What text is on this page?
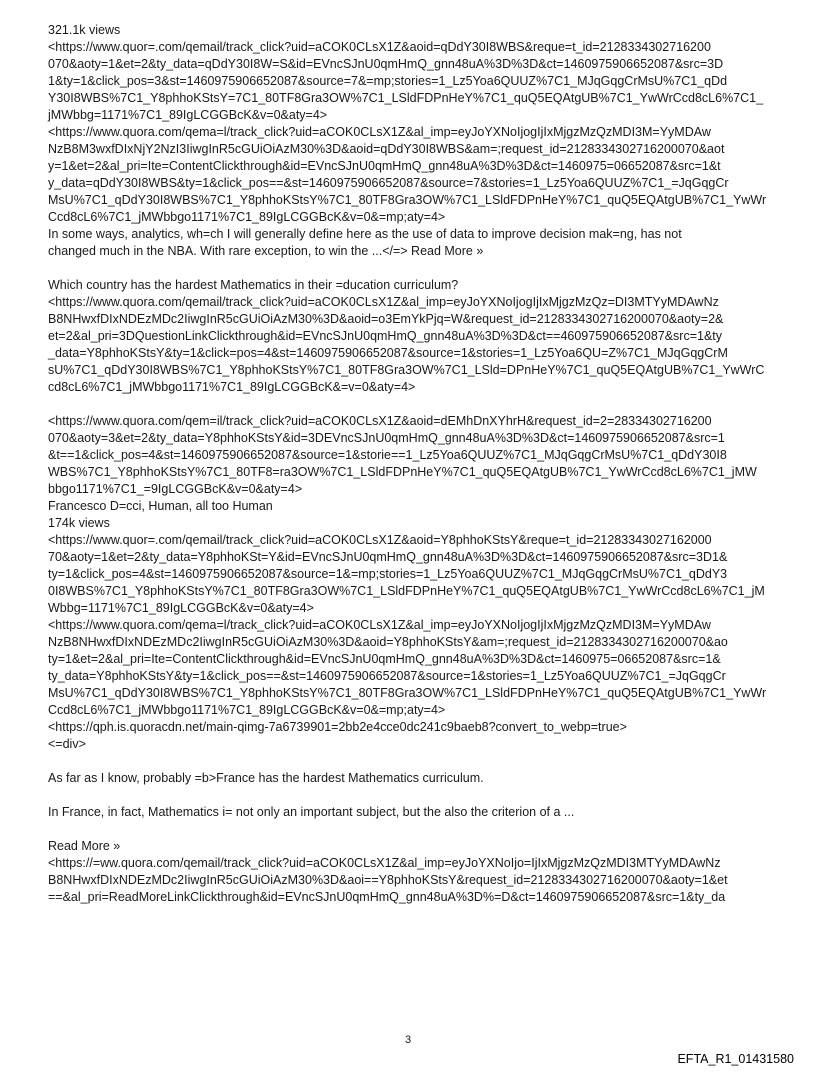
321.1k views

<https://www.quor=.com/qemail/track_click?uid=aCOK0CLsX1Z&aoid=qDdY30I8WBS&reque=t_id=2128334302716200

070&aoty=1&et=2&ty_data=qDdY30I8W=S&id=EVncSJnU0qmHmQ_gnn48uA%3D%3D&ct=1460975906652087&src=3D

1&ty=1&click_pos=3&st=1460975906652087&source=7&=mp;stories=1_Lz5Yoa6QUUZ%7C1_MJqGqgCrMsU%7C1_qDd

Y30I8WBS%7C1_Y8phhoKStsY=7C1_80TF8Gra3OW%7C1_LSldFDPnHeY%7C1_quQ5EQAtgUB%7C1_YwWrCcd8cL6%7C1_

jMWbbg=1171%7C1_89IgLCGGBcK&v=0&aty=4>

<https://www.quora.com/qema=l/track_click?uid=aCOK0CLsX1Z&al_imp=eyJoYXNoIjogIjIxMjgzMzQzMDI3M=YyMDAw

NzB8M3wxfDIxNjY2NzI3IiwgInR5cGUiOiAzM30%3D&aoid=qDdY30I8WBS&am=;request_id=2128334302716200070&aot

y=1&et=2&al_pri=Ite=ContentClickthrough&id=EVncSJnU0qmHmQ_gnn48uA%3D%3D&ct=1460975=06652087&src=1&t

y_data=qDdY30I8WBS&ty=1&click_pos==&st=1460975906652087&source=7&stories=1_Lz5Yoa6QUUZ%7C1_=JqGqgCr

MsU%7C1_qDdY30I8WBS%7C1_Y8phhoKStsY%7C1_80TF8Gra3OW%7C1_LSldFDPnHeY%7C1_quQ5EQAtgUB%7C1_YwWr

Ccd8cL6%7C1_jMWbbgo1171%7C1_89IgLCGGBcK&v=0&=mp;aty=4>

In some ways, analytics, wh=ch I will generally define here as the use of data to improve decision mak=ng, has not

changed much in the NBA. With rare exception, to win the ...</=> Read More »

Which country has the hardest Mathematics in their =ducation curriculum?

<https://www.quora.com/qemail/track_click?uid=aCOK0CLsX1Z&al_imp=eyJoYXNoIjogIjIxMjgzMzQz=DI3MTYyMDAwNz

B8NHwxfDIxNDEzMDc2IiwgInR5cGUiOiAzM30%3D&aoid=o3EmYkPjq=W&request_id=2128334302716200070&aoty=2&

et=2&al_pri=3DQuestionLinkClickthrough&id=EVncSJnU0qmHmQ_gnn48uA%3D%3D&ct==460975906652087&src=1&ty

_data=Y8phhoKStsY&ty=1&click=pos=4&st=1460975906652087&source=1&stories=1_Lz5Yoa6QU=Z%7C1_MJqGqgCrM

sU%7C1_qDdY30I8WBS%7C1_Y8phhoKStsY%7C1_80TF8Gra3OW%7C1_LSld=DPnHeY%7C1_quQ5EQAtgUB%7C1_YwWrC

cd8cL6%7C1_jMWbbgo1171%7C1_89IgLCGGBcK&=v=0&aty=4>

<https://www.quora.com/qem=il/track_click?uid=aCOK0CLsX1Z&aoid=dEMhDnXYhrH&request_id=2=28334302716200

070&aoty=3&et=2&ty_data=Y8phhoKStsY&id=3DEVncSJnU0qmHmQ_gnn48uA%3D%3D&ct=1460975906652087&src=1

&t==1&click_pos=4&st=1460975906652087&source=1&storie==1_Lz5Yoa6QUUZ%7C1_MJqGqgCrMsU%7C1_qDdY30I8

WBS%7C1_Y8phhoKStsY%7C1_80TF8=ra3OW%7C1_LSldFDPnHeY%7C1_quQ5EQAtgUB%7C1_YwWrCcd8cL6%7C1_jMW

bbgo1171%7C1_=9IgLCGGBcK&v=0&aty=4>

Francesco D=cci, Human, all too Human

174k views

<https://www.quor=.com/qemail/track_click?uid=aCOK0CLsX1Z&aoid=Y8phhoKStsY&reque=t_id=21283343027162000

70&aoty=1&et=2&ty_data=Y8phhoKSt=Y&id=EVncSJnU0qmHmQ_gnn48uA%3D%3D&ct=1460975906652087&src=3D1&

ty=1&click_pos=4&st=1460975906652087&source=1&=mp;stories=1_Lz5Yoa6QUUZ%7C1_MJqGqgCrMsU%7C1_qDdY3

0I8WBS%7C1_Y8phhoKStsY%7C1_80TF8Gra3OW%7C1_LSldFDPnHeY%7C1_quQ5EQAtgUB%7C1_YwWrCcd8cL6%7C1_jM

Wbbg=1171%7C1_89IgLCGGBcK&v=0&aty=4>

<https://www.quora.com/qema=l/track_click?uid=aCOK0CLsX1Z&al_imp=eyJoYXNoIjogIjIxMjgzMzQzMDI3M=YyMDAw

NzB8NHwxfDIxNDEzMDc2IiwgInR5cGUiOiAzM30%3D&aoid=Y8phhoKStsY&am=;request_id=2128334302716200070&ao

ty=1&et=2&al_pri=Ite=ContentClickthrough&id=EVncSJnU0qmHmQ_gnn48uA%3D%3D&ct=1460975=06652087&src=1&

ty_data=Y8phhoKStsY&ty=1&click_pos==&st=1460975906652087&source=1&stories=1_Lz5Yoa6QUUZ%7C1_=JqGqgCr

MsU%7C1_qDdY30I8WBS%7C1_Y8phhoKStsY%7C1_80TF8Gra3OW%7C1_LSldFDPnHeY%7C1_quQ5EQAtgUB%7C1_YwWr

Ccd8cL6%7C1_jMWbbgo1171%7C1_89IgLCGGBcK&v=0&=mp;aty=4>

<https://qph.is.quoracdn.net/main-qimg-7a6739901=2bb2e4cce0dc241c9baeb8?convert_to_webp=true>

<=div>

As far as I know, probably =b>France has the hardest Mathematics curriculum.

In France, in fact, Mathematics i= not only an important subject, but the also the criterion of a ...

Read More »

<https://=ww.quora.com/qemail/track_click?uid=aCOK0CLsX1Z&al_imp=eyJoYXNoIjo=IjIxMjgzMzQzMDI3MTYyMDAwNz

B8NHwxfDIxNDEzMDc2IiwgInR5cGUiOiAzM30%3D&aoi==Y8phhoKStsY&request_id=2128334302716200070&aoty=1&et

==&al_pri=ReadMoreLinkClickthrough&id=EVncSJnU0qmHmQ_gnn48uA%3D%=D&ct=1460975906652087&src=1&ty_da

3
EFTA_R1_01431580
